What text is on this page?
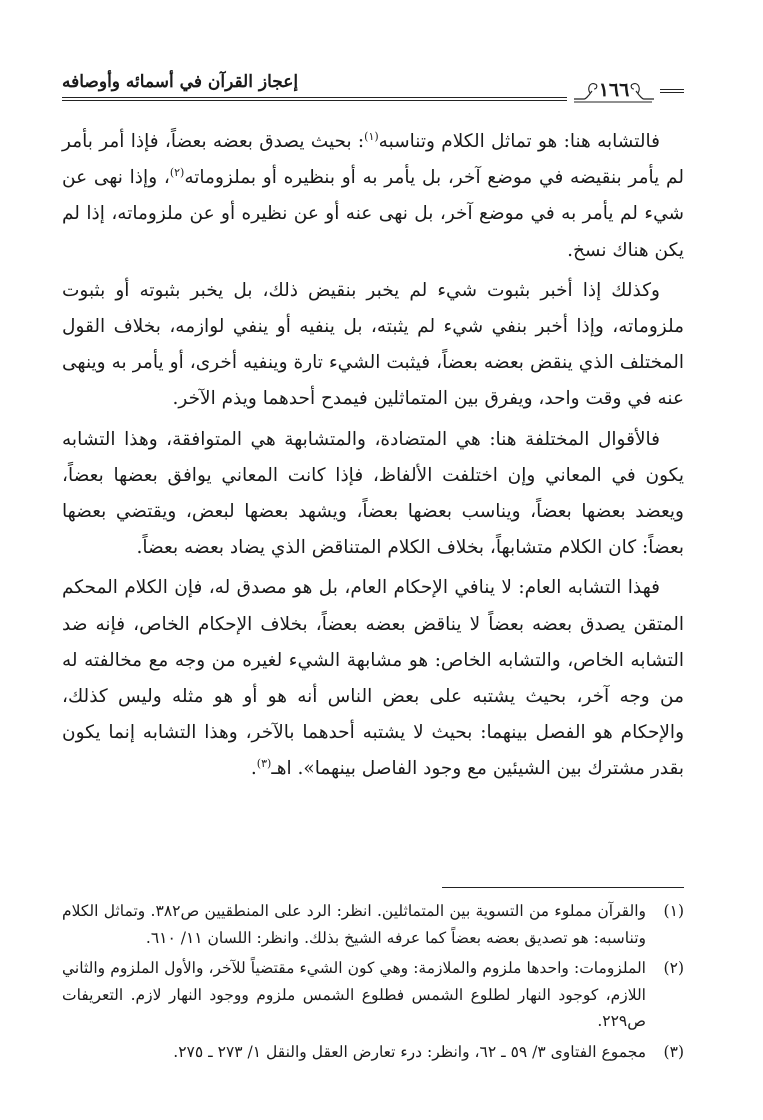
إعجاز القرآن في أسمائه وأوصافه	١٦٦

فالتشابه هنا: هو تماثل الكلام وتناسبه$^{(١)}$: بحيث يصدق بعضه بعضاً، فإذا أمر بأمر لم يأمر بنقيضه في موضع آخر، بل يأمر به أو بنظيره أو بملزوماته$^{(٢)}$، وإذا نهى عن شيء لم يأمر به في موضع آخر، بل نهى عنه أو عن نظيره أو عن ملزوماته، إذا لم يكن هناك نسخ.

وكذلك إذا أخبر بثبوت شيء لم يخبر بنقيض ذلك، بل يخبر بثبوته أو بثبوت ملزوماته، وإذا أخبر بنفي شيء لم يثبته، بل ينفيه أو ينفي لوازمه، بخلاف القول المختلف الذي ينقض بعضه بعضاً، فيثبت الشيء تارة وينفيه أخرى، أو يأمر به وينهى عنه في وقت واحد، ويفرق بين المتماثلين فيمدح أحدهما ويذم الآخر.

فالأقوال المختلفة هنا: هي المتضادة، والمتشابهة هي المتوافقة، وهذا التشابه يكون في المعاني وإن اختلفت الألفاظ، فإذا كانت المعاني يوافق بعضها بعضاً، ويعضد بعضها بعضاً، ويناسب بعضها بعضاً، ويشهد بعضها لبعض، ويقتضي بعضها بعضاً: كان الكلام متشابهاً، بخلاف الكلام المتناقض الذي يضاد بعضه بعضاً.

فهذا التشابه العام: لا ينافي الإحكام العام، بل هو مصدق له، فإن الكلام المحكم المتقن يصدق بعضه بعضاً لا يناقض بعضه بعضاً، بخلاف الإحكام الخاص، فإنه ضد التشابه الخاص، والتشابه الخاص: هو مشابهة الشيء لغيره من وجه مع مخالفته له من وجه آخر، بحيث يشتبه على بعض الناس أنه هو أو هو مثله وليس كذلك، والإحكام هو الفصل بينهما: بحيث لا يشتبه أحدهما بالآخر، وهذا التشابه إنما يكون بقدر مشترك بين الشيئين مع وجود الفاصل بينهما». اهـ$^{(٣)}$.

(١)
والقرآن مملوء من التسوية بين المتماثلين. انظر: الرد على المنطقيين ص٣٨٢. وتماثل الكلام وتناسبه: هو تصديق بعضه بعضاً كما عرفه الشيخ بذلك. وانظر: اللسان ١١/ ٦١٠.
(٢)
الملزومات: واحدها ملزوم والملازمة: وهي كون الشيء مقتضياً للآخر، والأول الملزوم والثاني اللازم، كوجود النهار لطلوع الشمس فطلوع الشمس ملزوم ووجود النهار لازم. التعريفات ص٢٢٩.
(٣)
مجموع الفتاوى ٣/ ٥٩ ـ ٦٢، وانظر: درء تعارض العقل والنقل ١/ ٢٧٣ ـ ٢٧٥.
